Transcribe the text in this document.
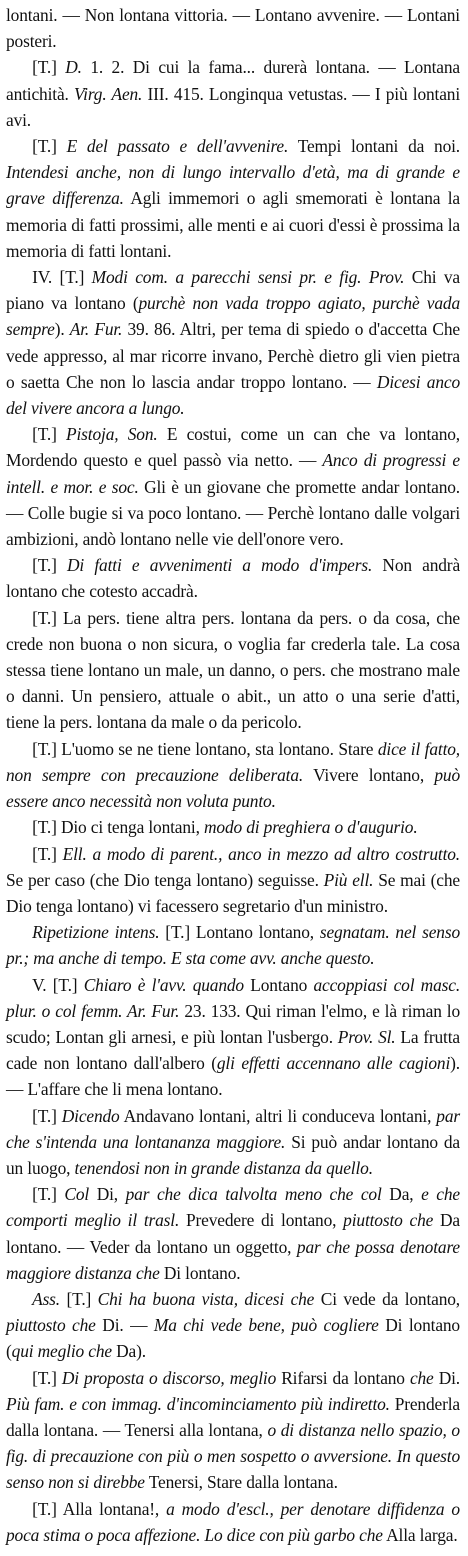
lontani. — Non lontana vittoria. — Lontano avvenire. — Lontani posteri.

[T.] D. 1. 2. Di cui la fama... durerà lontana. — Lontana antichità. Virg. Aen. III. 415. Longinqua vetustas. — I più lontani avi.

[T.] E del passato e dell'avvenire. Tempi lontani da noi. Intendesi anche, non di lungo intervallo d'età, ma di grande e grave differenza. Agli immemori o agli smemorati è lontana la memoria di fatti prossimi, alle menti e ai cuori d'essi è prossima la memoria di fatti lontani.

IV. [T.] Modi com. a parecchi sensi pr. e fig. Prov. Chi va piano va lontano (purchè non vada troppo agiato, purchè vada sempre). Ar. Fur. 39. 86. Altri, per tema di spiedo o d'accetta Che vede appresso, al mar ricorre invano, Perchè dietro gli vien pietra o saetta Che non lo lascia andar troppo lontano. — Dicesi anco del vivere ancora a lungo.

[T.] Pistoja, Son. E costui, come un can che va lontano, Mordendo questo e quel passò via netto. — Anco di progressi e intell. e mor. e soc. Gli è un giovane che promette andar lontano. — Colle bugie si va poco lontano. — Perchè lontano dalle volgari ambizioni, andò lontano nelle vie dell'onore vero.

[T.] Di fatti e avvenimenti a modo d'impers. Non andrà lontano che cotesto accadrà.

[T.] La pers. tiene altra pers. lontana da pers. o da cosa, che crede non buona o non sicura, o voglia far crederla tale. La cosa stessa tiene lontano un male, un danno, o pers. che mostrano male o danni. Un pensiero, attuale o abit., un atto o una serie d'atti, tiene la pers. lontana da male o da pericolo.

[T.] L'uomo se ne tiene lontano, sta lontano. Stare dice il fatto, non sempre con precauzione deliberata. Vivere lontano, può essere anco necessità non voluta punto.

[T.] Dio ci tenga lontani, modo di preghiera o d'augurio.

[T.] Ell. a modo di parent., anco in mezzo ad altro costrutto. Se per caso (che Dio tenga lontano) seguisse. Più ell. Se mai (che Dio tenga lontano) vi facessero segretario d'un ministro.

Ripetizione intens. [T.] Lontano lontano, segnatam. nel senso pr.; ma anche di tempo. E sta come avv. anche questo.

V. [T.] Chiaro è l'avv. quando Lontano accoppiasi col masc. plur. o col femm. Ar. Fur. 23. 133. Qui riman l'elmo, e là riman lo scudo; Lontan gli arnesi, e più lontan l'usbergo. Prov. Sl. La frutta cade non lontano dall'albero (gli effetti accennano alle cagioni). — L'affare che li mena lontano.

[T.] Dicendo Andavano lontani, altri li conduceva lontani, par che s'intenda una lontananza maggiore. Si può andar lontano da un luogo, tenendosi non in grande distanza da quello.

[T.] Col Di, par che dica talvolta meno che col Da, e che comporti meglio il trasl. Prevedere di lontano, piuttosto che Da lontano. — Veder da lontano un oggetto, par che possa denotare maggiore distanza che Di lontano.

Ass. [T.] Chi ha buona vista, dicesi che Ci vede da lontano, piuttosto che Di. — Ma chi vede bene, può cogliere Di lontano (qui meglio che Da).

[T.] Di proposta o discorso, meglio Rifarsi da lontano che Di. Più fam. e con immag. d'incominciamento più indiretto. Prenderla dalla lontana. — Tenersi alla lontana, o di distanza nello spazio, o fig. di precauzione con più o men sospetto o avversione. In questo senso non si direbbe Tenersi, Stare dalla lontana.

[T.] Alla lontana!, a modo d'escl., per denotare diffidenza o poca stima o poca affezione. Lo dice con più garbo che Alla larga.
